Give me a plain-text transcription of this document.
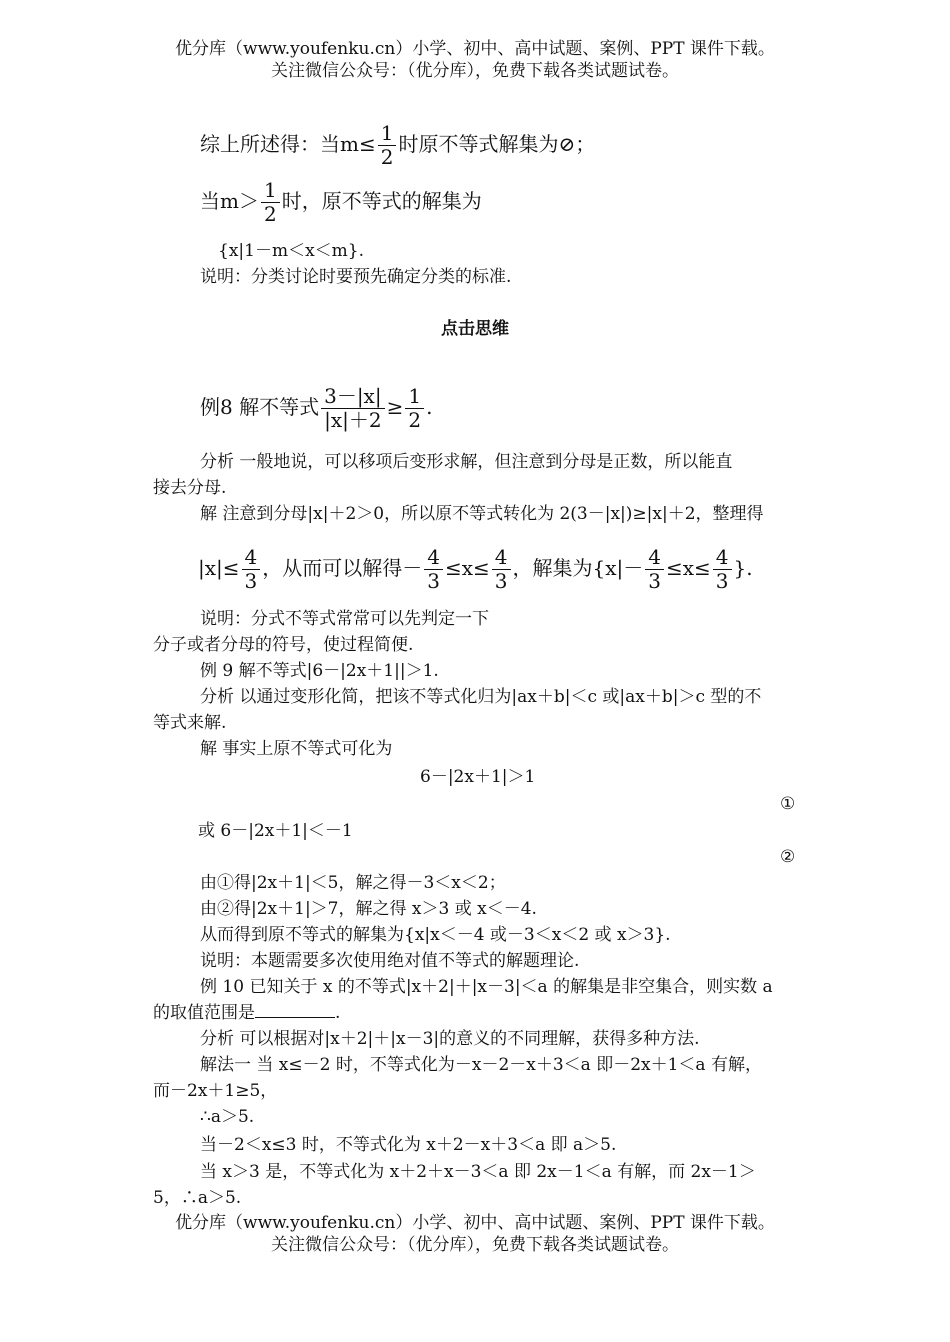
优分库（www.youfenku.cn）小学、初中、高中试题、案例、PPT 课件下载。
关注微信公众号：（优分库），免费下载各类试题试卷。
综上所述得：当$m\le \frac{1}{2}$ 时原不等式解集为⊘；
当$m> \frac{1}{2}$ 时，原不等式的解集为
{x|1－m＜x＜m}.
说明：分类讨论时要预先确定分类的标准.
点击思维
例8 解不等式 $\frac{3-|x|}{|x|+2} \ge \frac{1}{2}$ .
分析 一般地说，可以移项后变形求解，但注意到分母是正数，所以能直
接去分母.
解 注意到分母|x|＋2＞0，所以原不等式转化为 2(3－|x|)≥|x|＋2，整理得
$|x|\le \frac{4}{3}$ ，从而可以解得－ $\frac{4}{3} \le x\le \frac{4}{3}$ ，解集为{$x|- \frac{4}{3} \le x\le \frac{4}{3}$ }.
说明：分式不等式常常可以先判定一下
分子或者分母的符号，使过程简便.
例 9 解不等式|6－|2x＋1||＞1.
分析 以通过变形化简，把该不等式化归为|ax＋b|＜c 或|ax＋b|＞c 型的不
等式来解.
解 事实上原不等式可化为
6－|2x＋1|＞1
①
或 6－|2x＋1|＜－1
②
由①得|2x＋1|＜5，解之得－3＜x＜2；
由②得|2x＋1|＞7，解之得 x＞3 或 x＜－4.
从而得到原不等式的解集为{x|x＜－4 或－3＜x＜2 或 x＞3}.
说明：本题需要多次使用绝对值不等式的解题理论.
例 10 已知关于 x 的不等式|x＋2|＋|x－3|＜a 的解集是非空集合，则实数 a
的取值范围是	.
分析 可以根据对|x＋2|＋|x－3|的意义的不同理解，获得多种方法.
解法一 当 x≤－2 时，不等式化为－x－2－x＋3＜a 即－2x＋1＜a 有解，
而－2x＋1≥5，
∴a＞5.
当－2＜x≤3 时，不等式化为 x＋2－x＋3＜a 即 a＞5.
当 x＞3 是，不等式化为 x＋2＋x－3＜a 即 2x－1＜a 有解，而 2x－1＞
5，∴a＞5.
优分库（www.youfenku.cn）小学、初中、高中试题、案例、PPT 课件下载。
关注微信公众号：（优分库），免费下载各类试题试卷。
